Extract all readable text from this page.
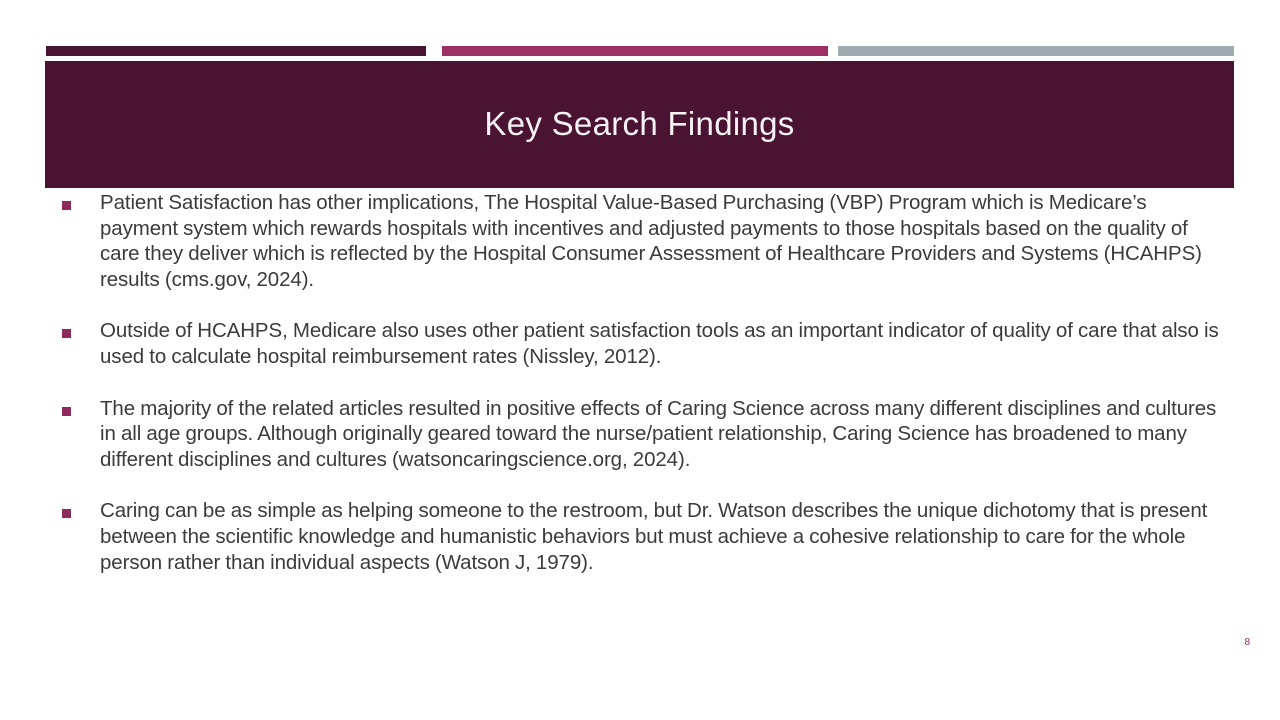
Key Search Findings
Patient Satisfaction has other implications, The Hospital Value-Based Purchasing (VBP) Program which is Medicare’s payment system which rewards hospitals with incentives and adjusted payments to those hospitals based on the quality of care they deliver which is reflected by the Hospital Consumer Assessment of Healthcare Providers and Systems (HCAHPS) results (cms.gov, 2024).
Outside of HCAHPS, Medicare also uses other patient satisfaction tools as an important indicator of quality of care that also is used to calculate hospital reimbursement rates (Nissley, 2012).
The majority of the related articles resulted in positive effects of Caring Science across many different disciplines and cultures in all age groups. Although originally geared toward the nurse/patient relationship, Caring Science has broadened to many different disciplines and cultures (watsoncaringscience.org, 2024).
Caring can be as simple as helping someone to the restroom, but Dr. Watson describes the unique dichotomy that is present between the scientific knowledge and humanistic behaviors but must achieve a cohesive relationship to care for the whole person rather than individual aspects (Watson J, 1979).
8
